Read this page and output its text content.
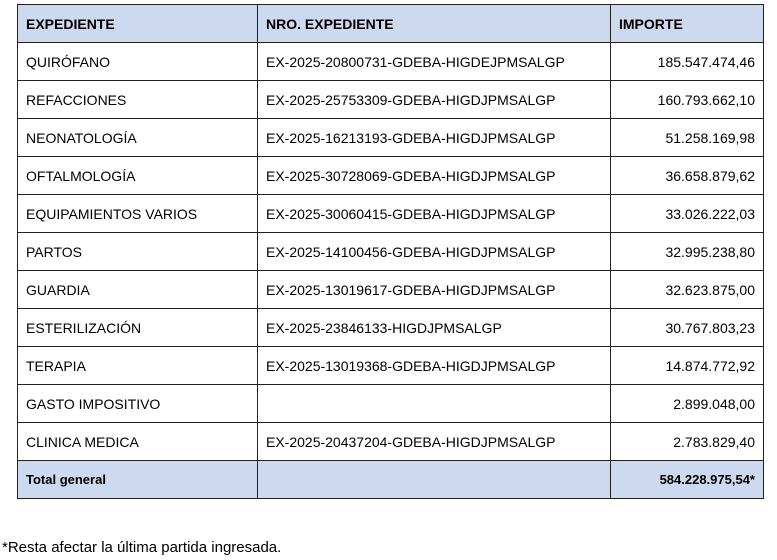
EXPEDIENTE	NRO. EXPEDIENTE	IMPORTE
QUIRÓFANO	EX-2025-20800731-GDEBA-HIGDEJPMSALGP	185.547.474,46
REFACCIONES	EX-2025-25753309-GDEBA-HIGDJPMSALGP	160.793.662,10
NEONATOLOGÍA	EX-2025-16213193-GDEBA-HIGDJPMSALGP	51.258.169,98
OFTALMOLOGÍA	EX-2025-30728069-GDEBA-HIGDJPMSALGP	36.658.879,62
EQUIPAMIENTOS VARIOS	EX-2025-30060415-GDEBA-HIGDJPMSALGP	33.026.222,03
PARTOS	EX-2025-14100456-GDEBA-HIGDJPMSALGP	32.995.238,80
GUARDIA	EX-2025-13019617-GDEBA-HIGDJPMSALGP	32.623.875,00
ESTERILIZACIÓN	EX-2025-23846133-HIGDJPMSALGP	30.767.803,23
TERAPIA	EX-2025-13019368-GDEBA-HIGDJPMSALGP	14.874.772,92
GASTO IMPOSITIVO		2.899.048,00
CLINICA MEDICA	EX-2025-20437204-GDEBA-HIGDJPMSALGP	2.783.829,40
Total general		584.228.975,54*
*Resta afectar la última partida ingresada.
